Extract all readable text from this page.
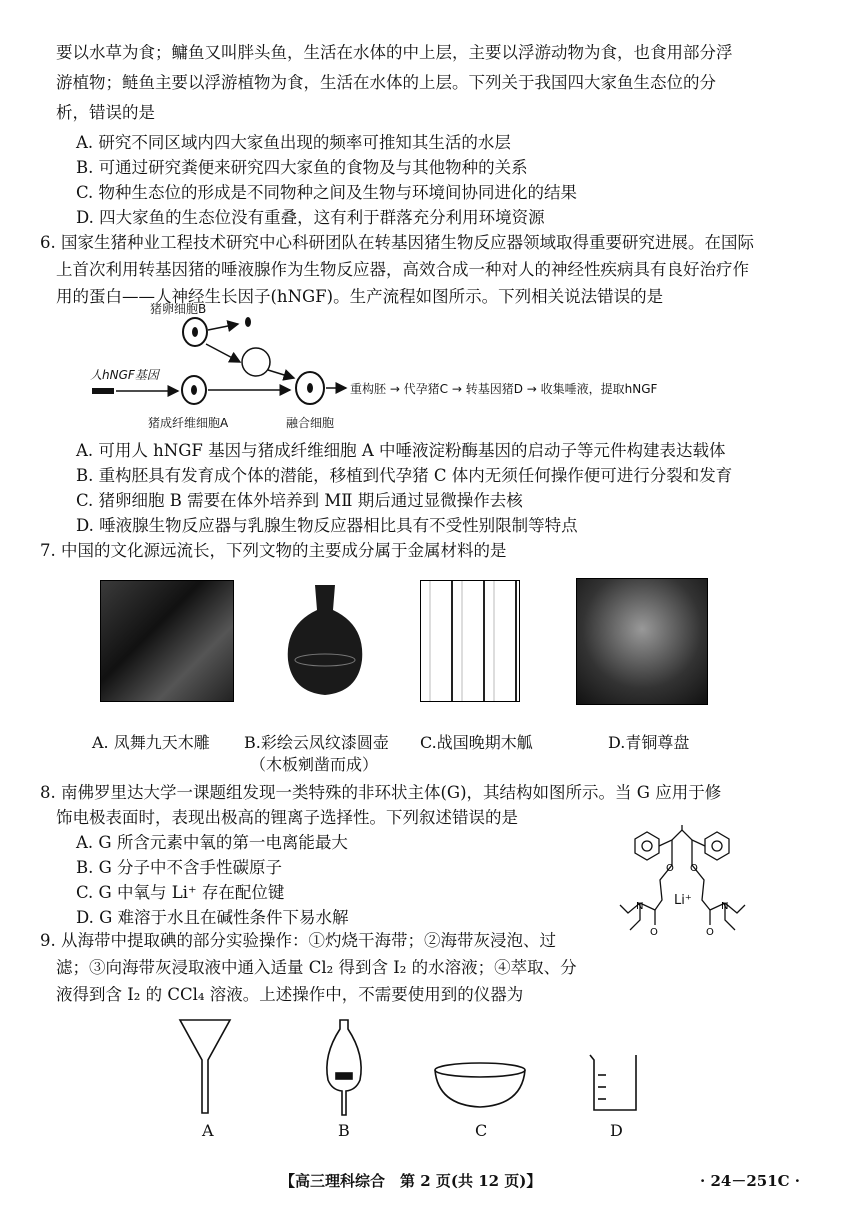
要以水草为食；鳙鱼又叫胖头鱼，生活在水体的中上层，主要以浮游动物为食，也食用部分浮
游植物；鲢鱼主要以浮游植物为食，生活在水体的上层。下列关于我国四大家鱼生态位的分
析，错误的是
A. 研究不同区域内四大家鱼出现的频率可推知其生活的水层
B. 可通过研究粪便来研究四大家鱼的食物及与其他物种的关系
C. 物种生态位的形成是不同物种之间及生物与环境间协同进化的结果
D. 四大家鱼的生态位没有重叠，这有利于群落充分利用环境资源
6. 国家生猪种业工程技术研究中心科研团队在转基因猪生物反应器领域取得重要研究进展。在国际
上首次利用转基因猪的唾液腺作为生物反应器，高效合成一种对人的神经性疾病具有良好治疗作
用的蛋白——人神经生长因子(hNGF)。生产流程如图所示。下列相关说法错误的是
猪卵细胞B
人hNGF基因
猪成纤维细胞A	融合细胞
重构胚 → 代孕猪C → 转基因猪D → 收集唾液，提取hNGF
A. 可用人 hNGF 基因与猪成纤维细胞 A 中唾液淀粉酶基因的启动子等元件构建表达载体
B. 重构胚具有发育成个体的潜能，移植到代孕猪 C 体内无须任何操作便可进行分裂和发育
C. 猪卵细胞 B 需要在体外培养到 MⅡ 期后通过显微操作去核
D. 唾液腺生物反应器与乳腺生物反应器相比具有不受性别限制等特点
7. 中国的文化源远流长，下列文物的主要成分属于金属材料的是
A. 凤舞九天木雕 B.彩绘云凤纹漆圆壶
（木板剜凿而成）
C.战国晚期木觚	D.青铜尊盘
8. 南佛罗里达大学一课题组发现一类特殊的非环状主体(G)，其结构如图所示。当 G 应用于修
饰电极表面时，表现出极高的锂离子选择性。下列叙述错误的是
A. G 所含元素中氧的第一电离能最大
B. G 分子中不含手性碳原子
C. G 中氧与 Li⁺ 存在配位键
D. G 难溶于水且在碱性条件下易水解
O O
N	N
O	O
Li⁺
9. 从海带中提取碘的部分实验操作：①灼烧干海带；②海带灰浸泡、过
滤；③向海带灰浸取液中通入适量 Cl₂ 得到含 I₂ 的水溶液；④萃取、分
液得到含 I₂ 的 CCl₄ 溶液。上述操作中，不需要使用到的仪器为
A	B	C	D
【高三理科综合　第 2 页(共 12 页)】	· 24－251C ·
